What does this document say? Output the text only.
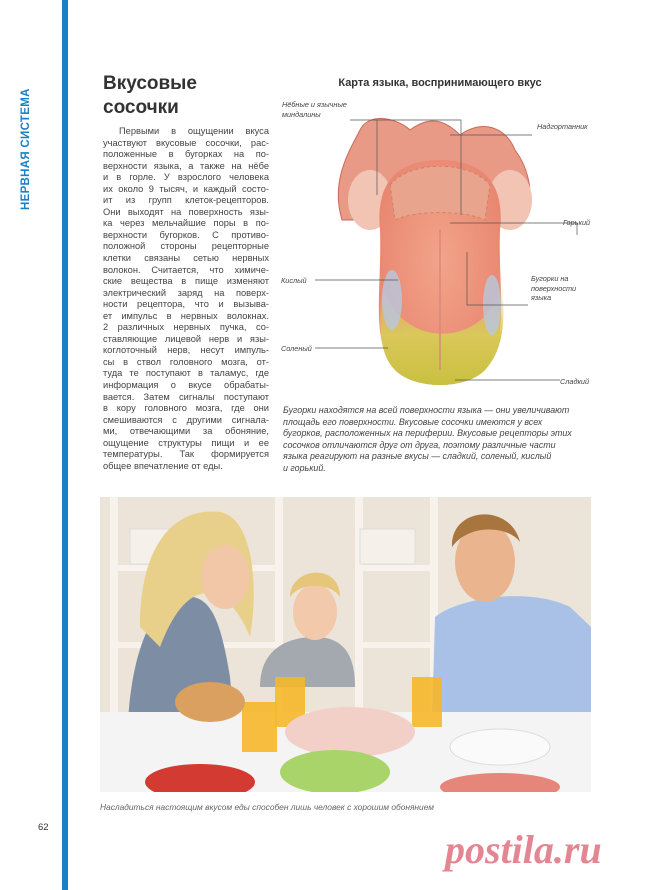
НЕРВНАЯ СИСТЕМА
Вкусовые
сосочки
Первыми в ощущении вкуса
участвуют вкусовые сосочки, рас-
положенные в бугорках на по-
верхности языка, а также на нёбе
и в горле. У взрослого человека
их около 9 тысяч, и каждый состо-
ит из групп клеток-рецепторов.
Они выходят на поверхность язы-
ка через мельчайшие поры в по-
верхности бугорков. С противо-
положной стороны рецепторные
клетки связаны сетью нервных
волокон. Считается, что химиче-
ские вещества в пище изменяют
электрический заряд на поверх-
ности рецептора, что и вызыва-
ет импульс в нервных волокнах.
2 различных нервных пучка, со-
ставляющие лицевой нерв и язы-
коглоточный нерв, несут импуль-
сы в ствол головного мозга, от-
туда те поступают в таламус, где
информация о вкусе обрабаты-
вается. Затем сигналы поступают
в кору головного мозга, где они
смешиваются с другими сигнала-
ми, отвечающими за обоняние,
ощущение структуры пищи и ее
температуры. Так формируется
общее впечатление от еды.
Карта языка, воспринимающего вкус
Нёбные и язычные
миндалины
Надгортанник
Горький
Кислый	Бугорки на
поверхности
языка
Соленый
Сладкий
Бугорки находятся на всей поверхности языка — они увеличивают
площадь его поверхности. Вкусовые сосочки имеются у всех
бугорков, расположенных на периферии. Вкусовые рецепторы этих
сосочков отличаются друг от друга, поэтому различные части
языка реагируют на разные вкусы — сладкий, соленый, кислый
и горький.
Насладиться настоящим вкусом еды способен лишь человек с хорошим обонянием
62	postila.ru
